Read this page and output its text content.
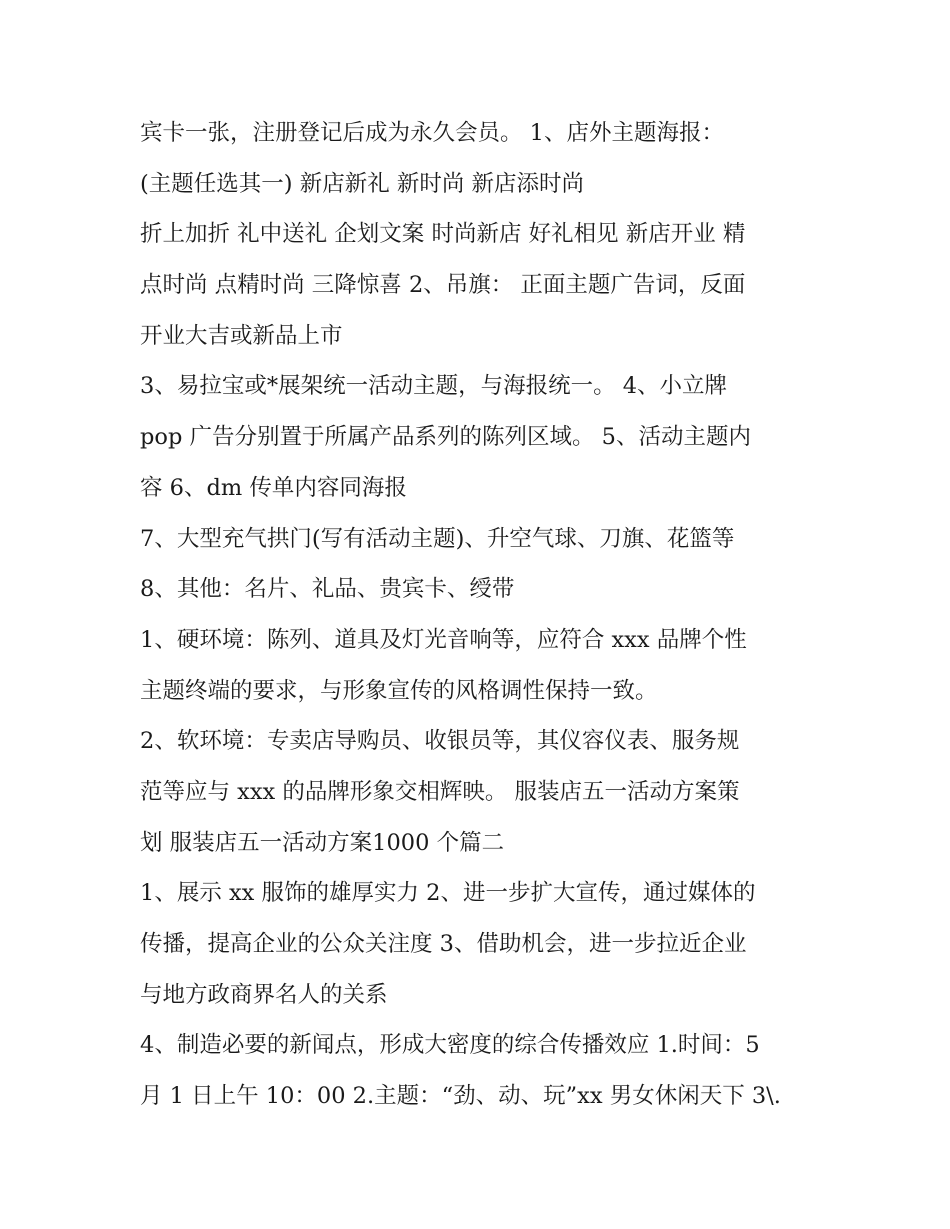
宾卡一张，注册登记后成为永久会员。 1、店外主题海报：

(主题任选其一) 新店新礼 新时尚 新店添时尚

折上加折 礼中送礼 企划文案 时尚新店 好礼相见 新店开业 精

点时尚 点精时尚 三降惊喜 2、吊旗： 正面主题广告词，反面

开业大吉或新品上市

3、易拉宝或*展架统一活动主题，与海报统一。 4、小立牌

pop 广告分别置于所属产品系列的陈列区域。 5、活动主题内

容 6、dm 传单内容同海报

7、大型充气拱门(写有活动主题)、升空气球、刀旗、花篮等

8、其他：名片、礼品、贵宾卡、绶带

1、硬环境：陈列、道具及灯光音响等，应符合 xxx 品牌个性

主题终端的要求，与形象宣传的风格调性保持一致。

2、软环境：专卖店导购员、收银员等，其仪容仪表、服务规

范等应与 xxx 的品牌形象交相辉映。 服装店五一活动方案策

划 服装店五一活动方案1000 个篇二

1、展示 xx 服饰的雄厚实力 2、进一步扩大宣传，通过媒体的

传播，提高企业的公众关注度 3、借助机会，进一步拉近企业

与地方政商界名人的关系

4、制造必要的新闻点，形成大密度的综合传播效应 1.时间：5

月 1 日上午 10：00 2.主题：“劲、动、玩”xx 男女休闲天下 3\.
